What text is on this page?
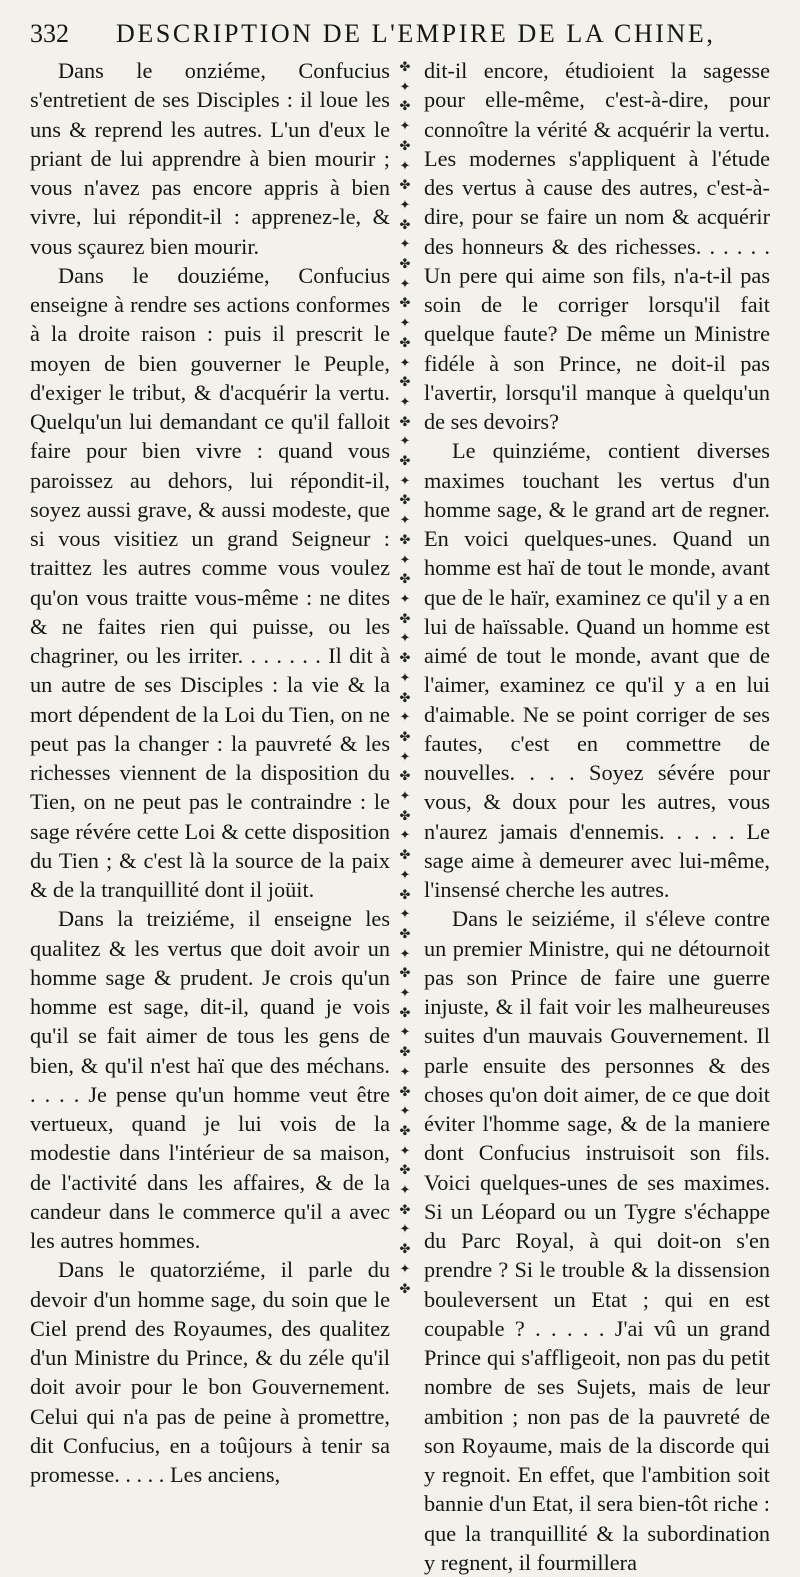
332 DESCRIPTION DE L'EMPIRE DE LA CHINE,

Dans le onziéme, Confucius s'entretient de ses Disciples : il loue les uns & reprend les autres. L'un d'eux le priant de lui apprendre à bien mourir ; vous n'avez pas encore appris à bien vivre, lui répondit-il : apprenez-le, & vous sçaurez bien mourir.

Dans le douziéme, Confucius enseigne à rendre ses actions conformes à la droite raison : puis il prescrit le moyen de bien gouverner le Peuple, d'exiger le tribut, & d'acquérir la vertu. Quelqu'un lui demandant ce qu'il falloit faire pour bien vivre : quand vous paroissez au dehors, lui répondit-il, soyez aussi grave, & aussi modeste, que si vous visitiez un grand Seigneur : traittez les autres comme vous voulez qu'on vous traitte vous-même : ne dites & ne faites rien qui puisse, ou les chagriner, ou les irriter. . . . . . . Il dit à un autre de ses Disciples : la vie & la mort dépendent de la Loi du Tien, on ne peut pas la changer : la pauvreté & les richesses viennent de la disposition du Tien, on ne peut pas le contraindre : le sage révére cette Loi & cette disposition du Tien ; & c'est là la source de la paix & de la tranquillité dont il joüit.

Dans la treiziéme, il enseigne les qualitez & les vertus que doit avoir un homme sage & prudent. Je crois qu'un homme est sage, dit-il, quand je vois qu'il se fait aimer de tous les gens de bien, & qu'il n'est haï que des méchans. . . . . Je pense qu'un homme veut être vertueux, quand je lui vois de la modestie dans l'intérieur de sa maison, de l'activité dans les affaires, & de la candeur dans le commerce qu'il a avec les autres hommes.

Dans le quatorziéme, il parle du devoir d'un homme sage, du soin que le Ciel prend des Royaumes, des qualitez d'un Ministre du Prince, & du zéle qu'il doit avoir pour le bon Gouvernement. Celui qui n'a pas de peine à promettre, dit Confucius, en a toûjours à tenir sa promesse. . . . . Les anciens,

✤
✦
✤
✦
✤
✦
✤
✦
✤
✦
✤
✦
✤
✦
✤
✦
✤
✦
✤
✦
✤
✦
✤
✦
✤
✦
✤
✦
✤
✦
✤
✦
✤
✦
✤
✦
✤
✦
✤
✦
✤
✦
✤
✦
✤
✦
✤
✦
✤
✦
✤
✦
✤
✦
✤
✦
✤
✦
✤
✦
✤
✦
✤

dit-il encore, étudioient la sagesse pour elle-même, c'est-à-dire, pour connoître la vérité & acquérir la vertu. Les modernes s'appliquent à l'étude des vertus à cause des autres, c'est-à-dire, pour se faire un nom & acquérir des honneurs & des richesses. . . . . . Un pere qui aime son fils, n'a-t-il pas soin de le corriger lorsqu'il fait quelque faute? De même un Ministre fidéle à son Prince, ne doit-il pas l'avertir, lorsqu'il manque à quelqu'un de ses devoirs?

Le quinziéme, contient diverses maximes touchant les vertus d'un homme sage, & le grand art de regner. En voici quelques-unes. Quand un homme est haï de tout le monde, avant que de le haïr, examinez ce qu'il y a en lui de haïssable. Quand un homme est aimé de tout le monde, avant que de l'aimer, examinez ce qu'il y a en lui d'aimable. Ne se point corriger de ses fautes, c'est en commettre de nouvelles. . . . Soyez sévére pour vous, & doux pour les autres, vous n'aurez jamais d'ennemis. . . . . Le sage aime à demeurer avec lui-même, l'insensé cherche les autres.

Dans le seiziéme, il s'éleve contre un premier Ministre, qui ne détournoit pas son Prince de faire une guerre injuste, & il fait voir les malheureuses suites d'un mauvais Gouvernement. Il parle ensuite des personnes & des choses qu'on doit aimer, de ce que doit éviter l'homme sage, & de la maniere dont Confucius instruisoit son fils. Voici quelques-unes de ses maximes. Si un Léopard ou un Tygre s'échappe du Parc Royal, à qui doit-on s'en prendre ? Si le trouble & la dissension bouleversent un Etat ; qui en est coupable ? . . . . . J'ai vû un grand Prince qui s'affligeoit, non pas du petit nombre de ses Sujets, mais de leur ambition ; non pas de la pauvreté de son Royaume, mais de la discorde qui y regnoit. En effet, que l'ambition soit bannie d'un Etat, il sera bien-tôt riche : que la tranquillité & la subordination y regnent, il fourmillera
